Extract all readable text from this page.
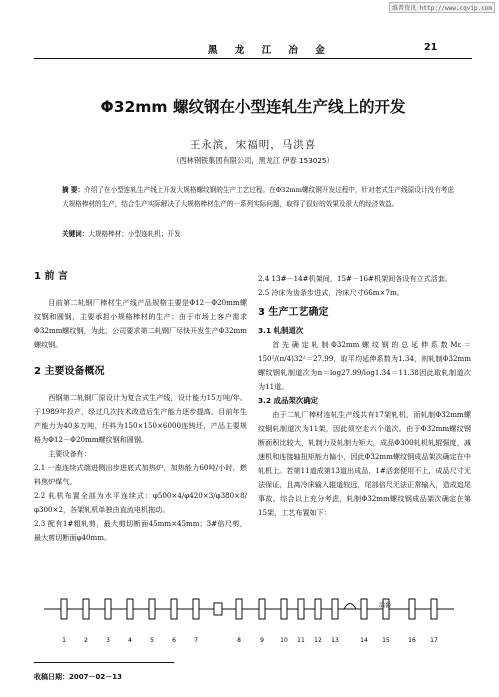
维普资讯 http://www.cqvip.com
黑 龙 江 冶 金	21
Φ32mm 螺纹钢在小型连轧生产线上的开发
王永滨，宋福明，马洪喜
（西林钢铁集团有限公司，黑龙江 伊春 153025）
摘 要：介绍了在小型连轧生产线上开发大规格螺纹钢的生产工艺过程。在Φ32mm螺纹钢开发过程中，针对老式生产线原设计没有考虑大规格棒材的生产，结合生产实际解决了大规格棒材生产的一系列实际问题，取得了很好的效果及很大的经济效益。
关键词：大规格棒材；小型连轧机；开发
1 前 言

目前第二轧钢厂棒材生产线产品规格主要是Φ12－Φ20mm螺纹钢和圆钢，主要承担小规格棒材的生产；由于市场上客户需求Φ32mm螺纹钢，为此，公司要求第二轧钢厂尽快开发生产Φ32mm螺纹钢。

2 主要设备概况

西钢第二轧钢厂原设计为复合式生产线，设计能力15万吨/年。于1989年投产，经过几次技术改造后生产能力逐步提高。目前年生产能力为40多万吨，坯料为150×150×6000连铸坯，产品主要规格为Φ12－Φ20mm螺纹钢和圆钢。

主要设备有：

2.1 一座连续式端进侧出步进底式加热炉，加热能力60吨/小时，燃料焦炉煤气。

2.2 轧机布置全部为水平连续式：φ500×4/φ420×3/φ380×8/φ300×2，各架轧机单独由直流电机拖动。

2.3 配有1#粗轧剪，最大剪切断面45mm×45mm；3#倍尺剪，最大剪切断面φ40mm。

2.4 13#－14#机架间，15#－16#机架间各设有立式活套。

2.5 冷床为齿条步进式，冷床尺寸66m×7m。

3 生产工艺确定
3.1 轧制道次

首先确定轧制Φ32mm螺纹钢的总延伸系数Mε＝150²/(π/4)32²＝27.99，取平均延伸系数为1.34，则轧制Φ32mm螺纹钢轧制道次为n＝log27.99/log1.34＝11.38因此取轧制道次为11道。

3.2 成品架次确定

由于二轧厂棒材连轧生产线共有17架轧机，而轧制Φ32mm螺纹钢轧制道次为11架，因此须空走六个道次。由于Φ32mm螺纹钢断面积比较大，轧制力及轧制力矩大，成品Φ300轧机轧辊强度，减速机和连接轴扭矩能力偏小，因此Φ32mm螺纹钢成品架次确定在中轧机上。若第11道成第13道出成品，1#活套便用不上，成品尺寸无法保证，且离冷床输入辊道较远，尾部倍尺无法正常输入，造成追尾事故。综合以上充分考虑，轧制Φ32mm螺纹钢成品架次确定在第15架，工艺布置如下：

1	2	3	4	5	6	7	8	9	10 11 12 13	14 15	16 17
活套
收稿日期：2007－02－13
